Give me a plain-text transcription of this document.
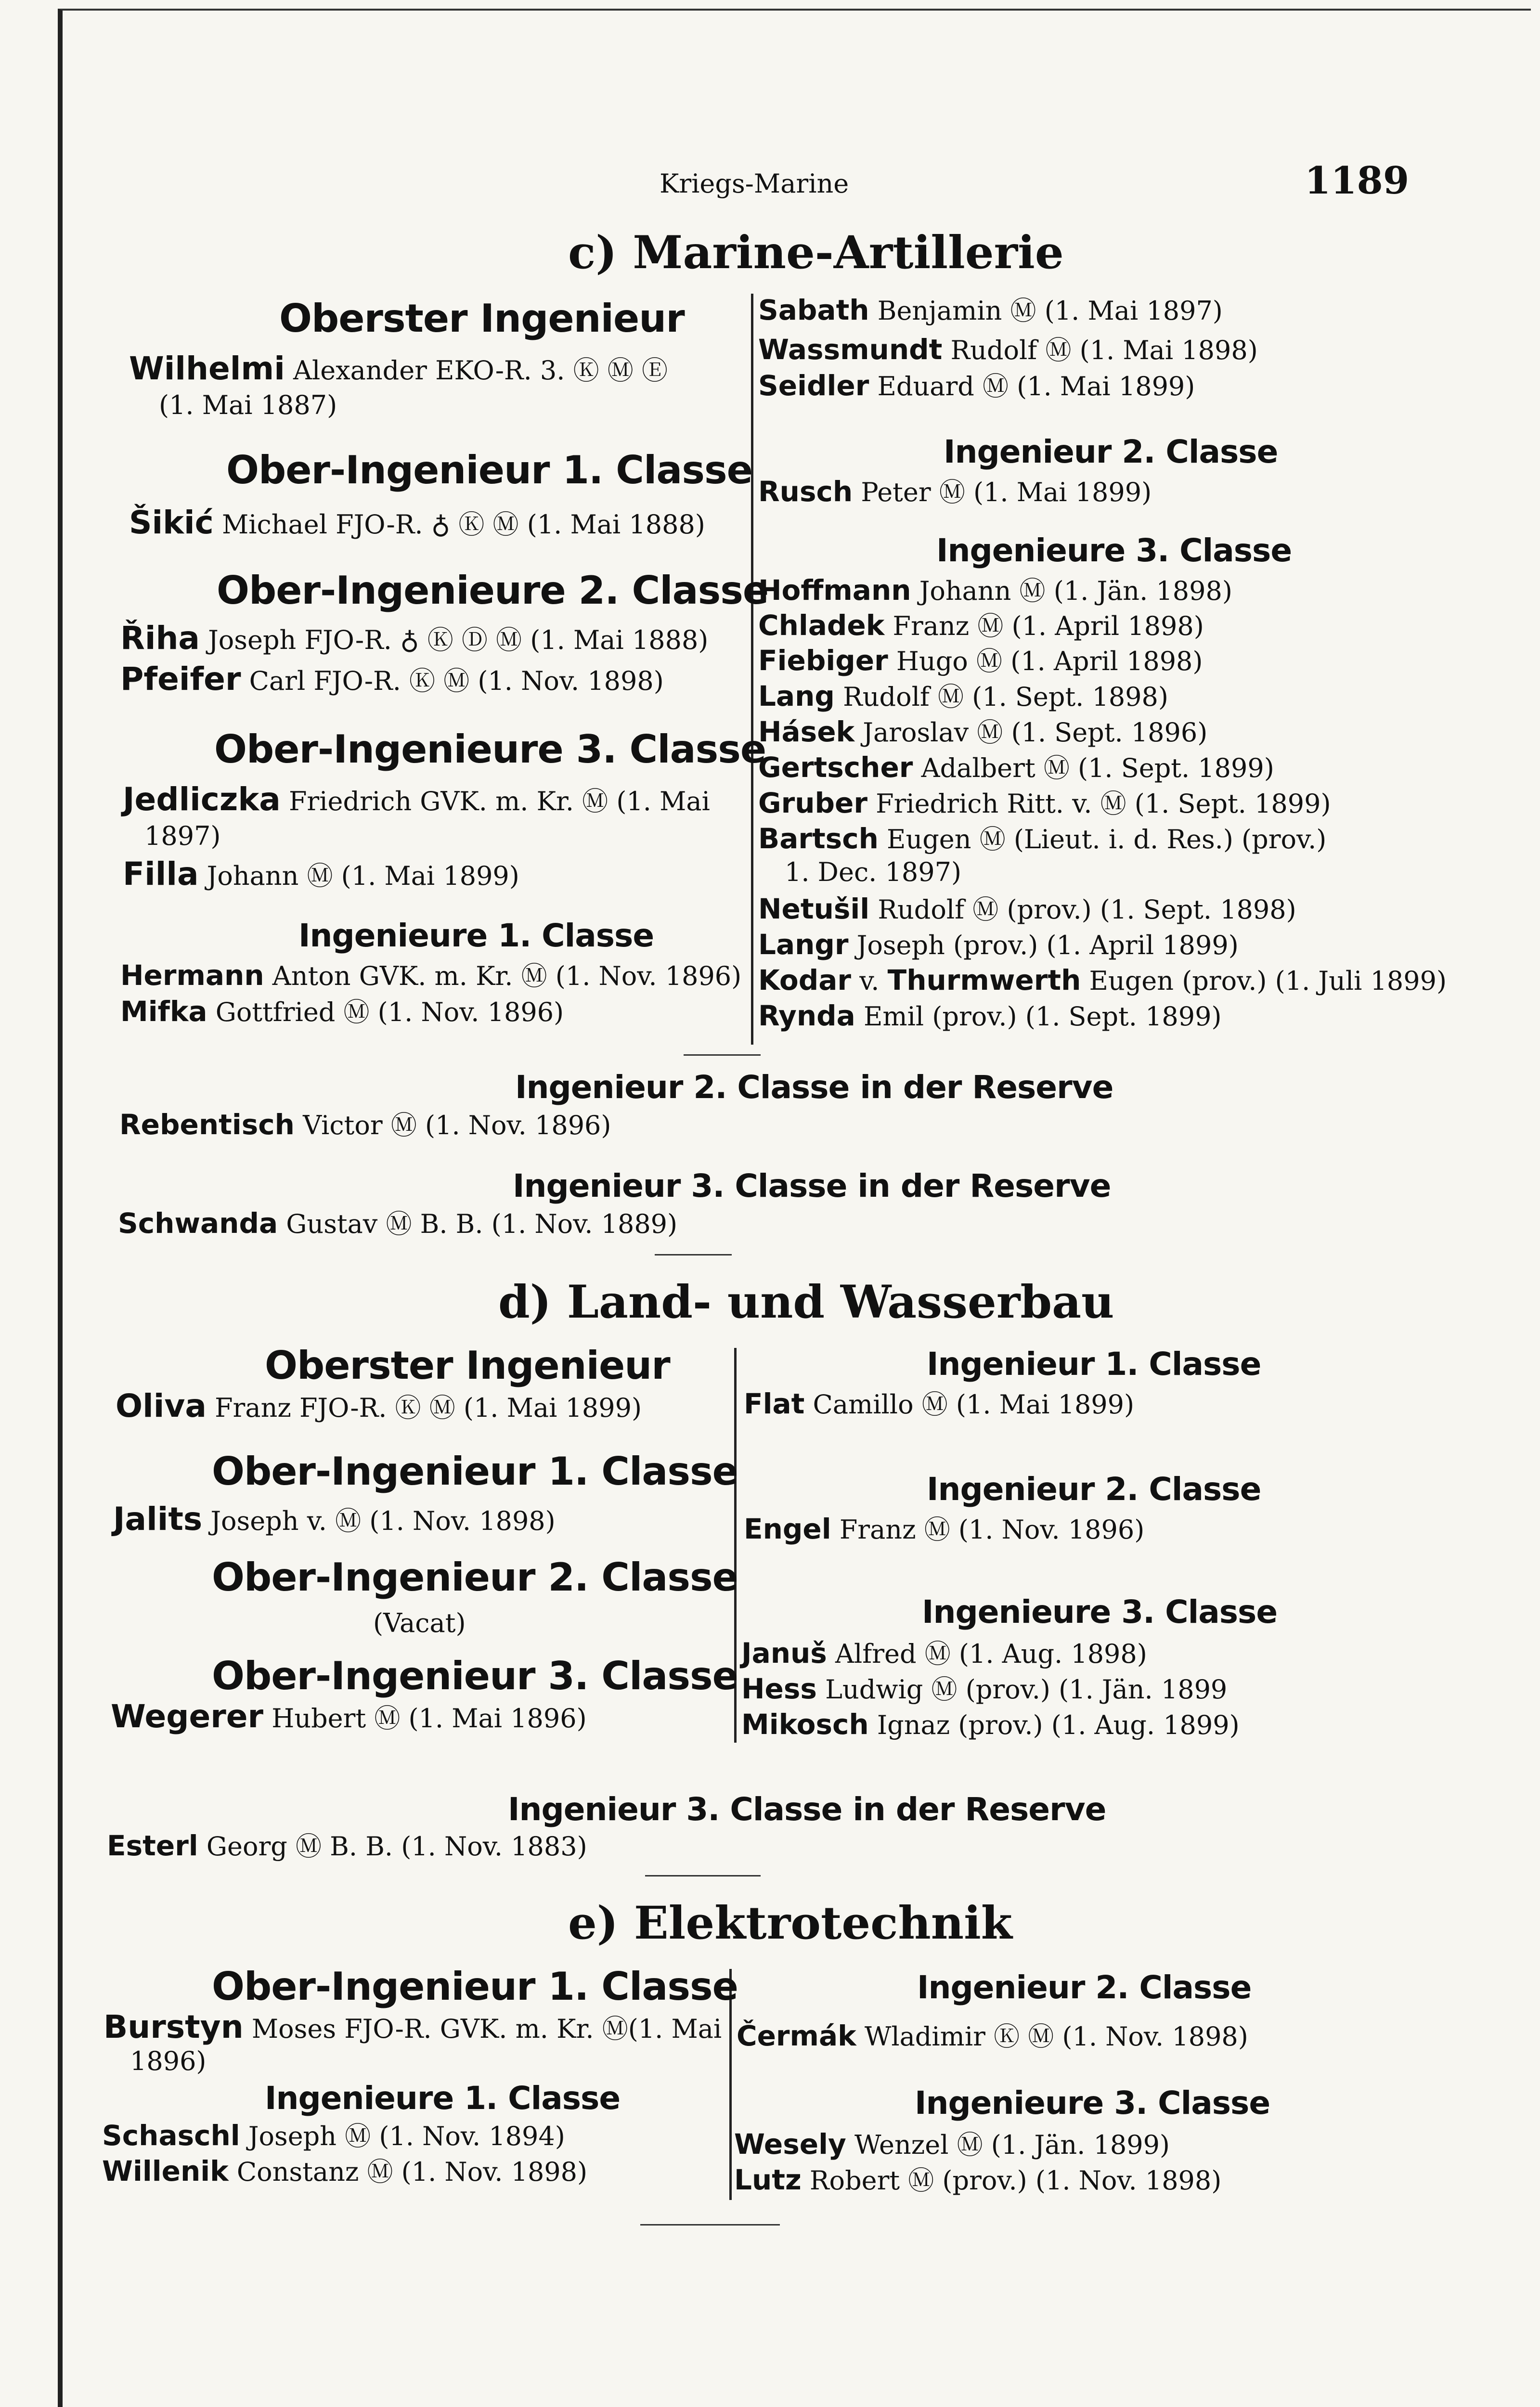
Kriegs-Marine	1189
c) Marine-Artillerie
Oberster Ingenieur
Wilhelmi Alexander EKO-R. 3. Ⓚ Ⓜ Ⓔ
(1. Mai 1887)
Ober-Ingenieur 1. Classe
Šikić Michael FJO-R. ♁ Ⓚ Ⓜ (1. Mai 1888)
Ober-Ingenieure 2. Classe
Řiha Joseph FJO-R. ♁ Ⓚ Ⓓ Ⓜ (1. Mai 1888)
Pfeifer Carl FJO-R. Ⓚ Ⓜ (1. Nov. 1898)
Ober-Ingenieure 3. Classe
Jedliczka Friedrich GVK. m. Kr. Ⓜ (1. Mai
1897)
Filla Johann Ⓜ (1. Mai 1899)
Ingenieure 1. Classe
Hermann Anton GVK. m. Kr. Ⓜ (1. Nov. 1896)
Mifka Gottfried Ⓜ (1. Nov. 1896)
Sabath Benjamin Ⓜ (1. Mai 1897)
Wassmundt Rudolf Ⓜ (1. Mai 1898)
Seidler Eduard Ⓜ (1. Mai 1899)
Ingenieur 2. Classe
Rusch Peter Ⓜ (1. Mai 1899)
Ingenieure 3. Classe
Hoffmann Johann Ⓜ (1. Jän. 1898)
Chladek Franz Ⓜ (1. April 1898)
Fiebiger Hugo Ⓜ (1. April 1898)
Lang Rudolf Ⓜ (1. Sept. 1898)
Hásek Jaroslav Ⓜ (1. Sept. 1896)
Gertscher Adalbert Ⓜ (1. Sept. 1899)
Gruber Friedrich Ritt. v. Ⓜ (1. Sept. 1899)
Bartsch Eugen Ⓜ (Lieut. i. d. Res.) (prov.)
1. Dec. 1897)
Netušil Rudolf Ⓜ (prov.) (1. Sept. 1898)
Langr Joseph (prov.) (1. April 1899)
Kodar v. Thurmwerth Eugen (prov.) (1. Juli 1899)
Rynda Emil (prov.) (1. Sept. 1899)
Ingenieur 2. Classe in der Reserve
Rebentisch Victor Ⓜ (1. Nov. 1896)
Ingenieur 3. Classe in der Reserve
Schwanda Gustav Ⓜ B. B. (1. Nov. 1889)
d) Land- und Wasserbau
Oberster Ingenieur
Oliva Franz FJO-R. Ⓚ Ⓜ (1. Mai 1899)
Ober-Ingenieur 1. Classe
Jalits Joseph v. Ⓜ (1. Nov. 1898)
Ober-Ingenieur 2. Classe
(Vacat)
Ober-Ingenieur 3. Classe
Wegerer Hubert Ⓜ (1. Mai 1896)
Ingenieur 1. Classe
Flat Camillo Ⓜ (1. Mai 1899)
Ingenieur 2. Classe
Engel Franz Ⓜ (1. Nov. 1896)
Ingenieure 3. Classe
Januš Alfred Ⓜ (1. Aug. 1898)
Hess Ludwig Ⓜ (prov.) (1. Jän. 1899
Mikosch Ignaz (prov.) (1. Aug. 1899)
Ingenieur 3. Classe in der Reserve
Esterl Georg Ⓜ B. B. (1. Nov. 1883)
e) Elektrotechnik
Ober-Ingenieur 1. Classe
Burstyn Moses FJO-R. GVK. m. Kr. Ⓜ(1. Mai
1896)
Ingenieure 1. Classe
Schaschl Joseph Ⓜ (1. Nov. 1894)
Willenik Constanz Ⓜ (1. Nov. 1898)
Ingenieur 2. Classe
Čermák Wladimir Ⓚ Ⓜ (1. Nov. 1898)
Ingenieure 3. Classe
Wesely Wenzel Ⓜ (1. Jän. 1899)
Lutz Robert Ⓜ (prov.) (1. Nov. 1898)
